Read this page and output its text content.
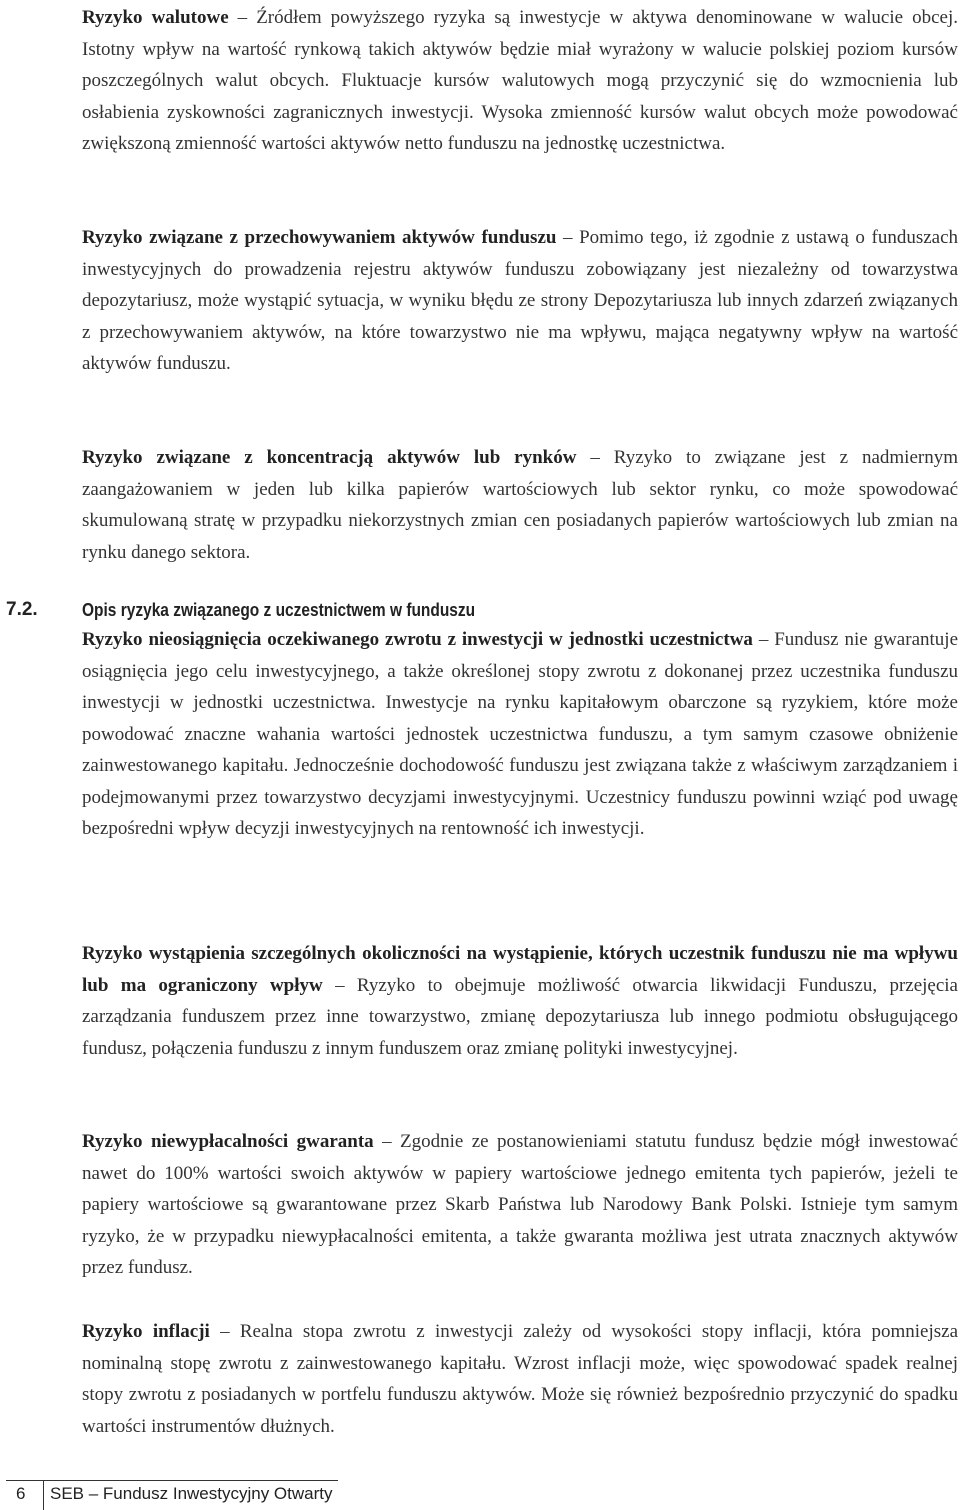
Ryzyko walutowe – Źródłem powyższego ryzyka są inwestycje w aktywa denominowane w walucie obcej. Istotny wpływ na wartość rynkową takich aktywów będzie miał wyrażony w walucie polskiej poziom kursów poszczególnych walut obcych. Fluktuacje kursów walutowych mogą przyczynić się do wzmocnienia lub osłabienia zyskowności zagranicznych inwestycji. Wysoka zmienność kursów walut obcych może powodować zwiększoną zmienność wartości aktywów netto funduszu na jednostkę uczestnictwa.

Ryzyko związane z przechowywaniem aktywów funduszu – Pomimo tego, iż zgodnie z ustawą o funduszach inwestycyjnych do prowadzenia rejestru aktywów funduszu zobowiązany jest niezależny od towarzystwa depozytariusz, może wystąpić sytuacja, w wyniku błędu ze strony Depozytariusza lub innych zdarzeń związanych z przechowywaniem aktywów, na które towarzystwo nie ma wpływu, mająca negatywny wpływ na wartość aktywów funduszu.

Ryzyko związane z koncentracją aktywów lub rynków – Ryzyko to związane jest z nadmiernym zaangażowaniem w jeden lub kilka papierów wartościowych lub sektor rynku, co może spowodować skumulowaną stratę w przypadku niekorzystnych zmian cen posiadanych papierów wartościowych lub zmian na rynku danego sektora.

7.2. Opis ryzyka związanego z uczestnictwem w funduszu

Ryzyko nieosiągnięcia oczekiwanego zwrotu z inwestycji w jednostki uczestnictwa – Fundusz nie gwarantuje osiągnięcia jego celu inwestycyjnego, a także określonej stopy zwrotu z dokonanej przez uczestnika funduszu inwestycji w jednostki uczestnictwa. Inwestycje na rynku kapitałowym obarczone są ryzykiem, które może powodować znaczne wahania wartości jednostek uczestnictwa funduszu, a tym samym czasowe obniżenie zainwestowanego kapitału. Jednocześnie dochodowość funduszu jest związana także z właściwym zarządzaniem i podejmowanymi przez towarzystwo decyzjami inwestycyjnymi. Uczestnicy funduszu powinni wziąć pod uwagę bezpośredni wpływ decyzji inwestycyjnych na rentowność ich inwestycji.

Ryzyko wystąpienia szczególnych okoliczności na wystąpienie, których uczestnik funduszu nie ma wpływu lub ma ograniczony wpływ – Ryzyko to obejmuje możliwość otwarcia likwidacji Funduszu, przejęcia zarządzania funduszem przez inne towarzystwo, zmianę depozytariusza lub innego podmiotu obsługującego fundusz, połączenia funduszu z innym funduszem oraz zmianę polityki inwestycyjnej.

Ryzyko niewypłacalności gwaranta – Zgodnie ze postanowieniami statutu fundusz będzie mógł inwestować nawet do 100% wartości swoich aktywów w papiery wartościowe jednego emitenta tych papierów, jeżeli te papiery wartościowe są gwarantowane przez Skarb Państwa lub Narodowy Bank Polski. Istnieje tym samym ryzyko, że w przypadku niewypłacalności emitenta, a także gwaranta możliwa jest utrata znacznych aktywów przez fundusz.

Ryzyko inflacji – Realna stopa zwrotu z inwestycji zależy od wysokości stopy inflacji, która pomniejsza nominalną stopę zwrotu z zainwestowanego kapitału. Wzrost inflacji może, więc spowodować spadek realnej stopy zwrotu z posiadanych w portfelu funduszu aktywów. Może się również bezpośrednio przyczynić do spadku wartości instrumentów dłużnych.

6 SEB – Fundusz Inwestycyjny Otwarty
